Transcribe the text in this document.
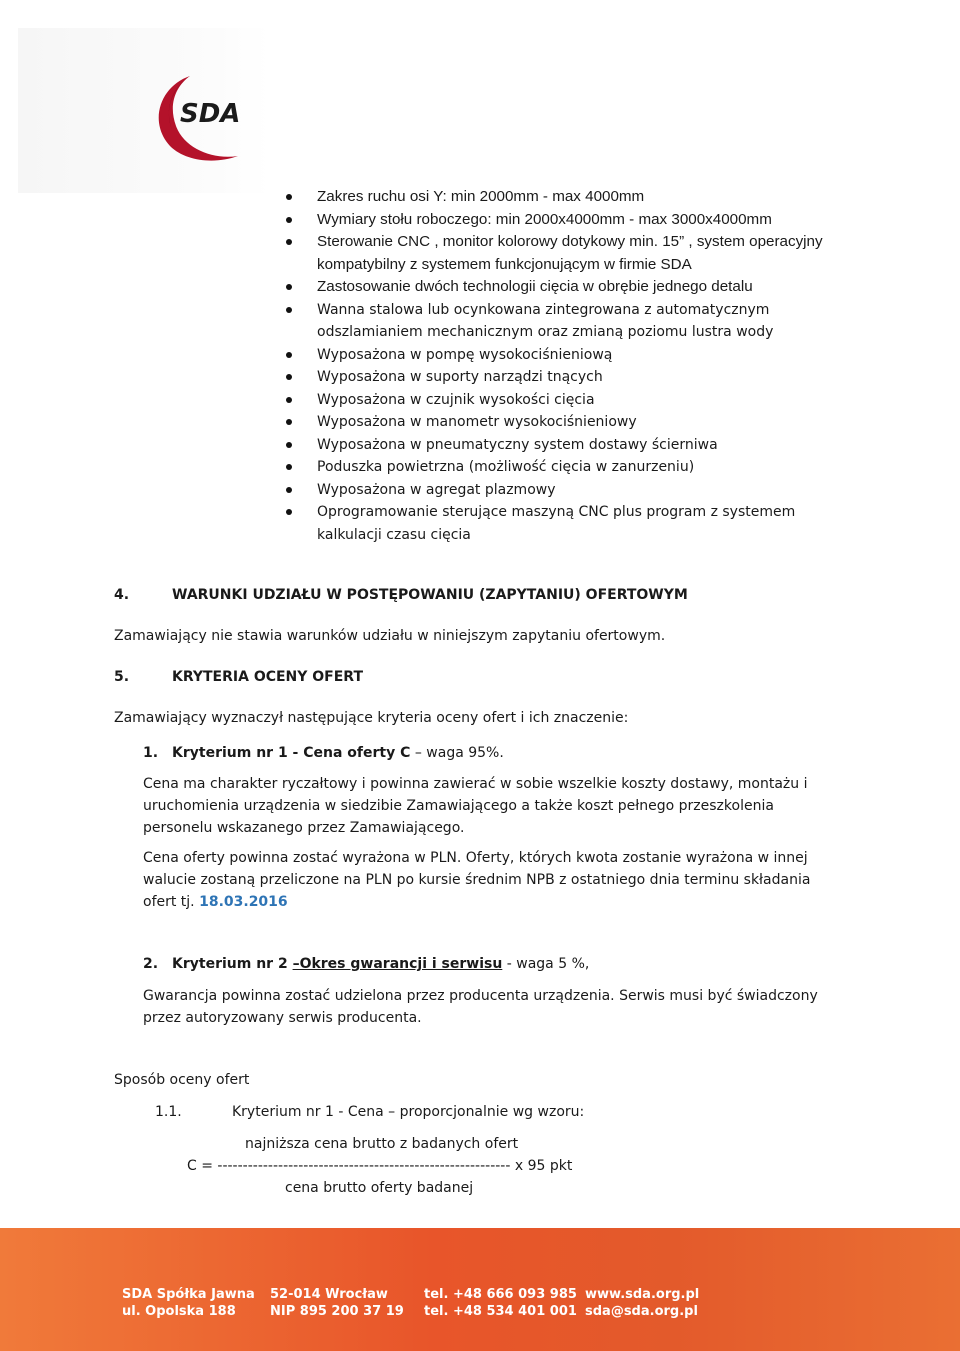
SDA
Zakres ruchu osi Y: min 2000mm - max 4000mm
Wymiary stołu roboczego: min 2000x4000mm - max 3000x4000mm
Sterowanie CNC , monitor kolorowy dotykowy min. 15” , system operacyjny kompatybilny z systemem funkcjonującym w firmie SDA
Zastosowanie dwóch technologii cięcia w obrębie jednego detalu
Wanna stalowa lub ocynkowana zintegrowana z automatycznym odszlamianiem mechanicznym oraz zmianą poziomu lustra wody
Wyposażona w pompę wysokociśnieniową
Wyposażona w suporty narządzi tnących
Wyposażona w czujnik wysokości cięcia
Wyposażona w manometr wysokociśnieniowy
Wyposażona w pneumatyczny system dostawy ścierniwa
Poduszka powietrzna (możliwość cięcia w zanurzeniu)
Wyposażona w agregat plazmowy
Oprogramowanie sterujące maszyną CNC plus program z systemem kalkulacji czasu cięcia

4.	WARUNKI UDZIAŁU W POSTĘPOWANIU (ZAPYTANIU) OFERTOWYM

Zamawiający nie stawia warunków udziału w niniejszym zapytaniu ofertowym.

5.	KRYTERIA OCENY OFERT

Zamawiający wyznaczył następujące kryteria oceny ofert i ich znaczenie:

1. Kryterium nr 1 - Cena oferty C – waga 95%.

Cena ma charakter ryczałtowy i powinna zawierać w sobie wszelkie koszty dostawy, montażu i uruchomienia urządzenia w siedzibie Zamawiającego a także koszt pełnego przeszkolenia personelu wskazanego przez Zamawiającego.

Cena oferty powinna zostać wyrażona w PLN. Oferty, których kwota zostanie wyrażona w innej walucie zostaną przeliczone na PLN po kursie średnim NPB z ostatniego dnia terminu składania ofert tj. 18.03.2016

2. Kryterium nr 2 –Okres gwarancji i serwisu - waga 5 %,

Gwarancja powinna zostać udzielona przez producenta urządzenia. Serwis musi być świadczony przez autoryzowany serwis producenta.

Sposób oceny ofert

1.1.	Kryterium nr 1 - Cena – proporcjonalnie wg wzoru:

najniższa cena brutto z badanych ofert

C = ---------------------------------------------------------- x 95 pkt

cena brutto oferty badanej

SDA Spółka Jawna
ul. Opolska 188
52-014 Wrocław
NIP 895 200 37 19
tel. +48 666 093 985
tel. +48 534 401 001
www.sda.org.pl
sda@sda.org.pl
